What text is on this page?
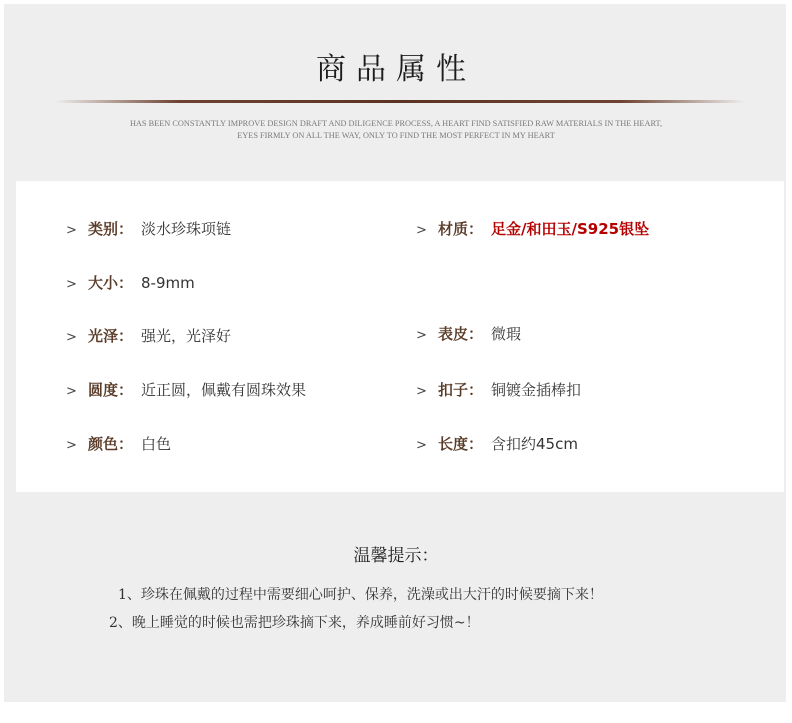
商品属性
HAS BEEN CONSTANTLY IMPROVE DESIGN DRAFT AND DILIGENCE PROCESS, A HEART FIND SATISFIED RAW MATERIALS IN THE HEART,
EYES FIRMLY ON ALL THE WAY, ONLY TO FIND THE MOST PERFECT IN MY HEART
> 类别： 淡水珍珠项链
> 大小： 8-9mm
> 光泽： 强光，光泽好
> 圆度： 近正圆，佩戴有圆珠效果
> 颜色： 白色
> 材质： 足金/和田玉/S925银坠
> 表皮： 微瑕
> 扣子： 铜镀金插棒扣
> 长度： 含扣约45cm
温馨提示：
1、珍珠在佩戴的过程中需要细心呵护、保养，洗澡或出大汗的时候要摘下来！
2、晚上睡觉的时候也需把珍珠摘下来，养成睡前好习惯~！
